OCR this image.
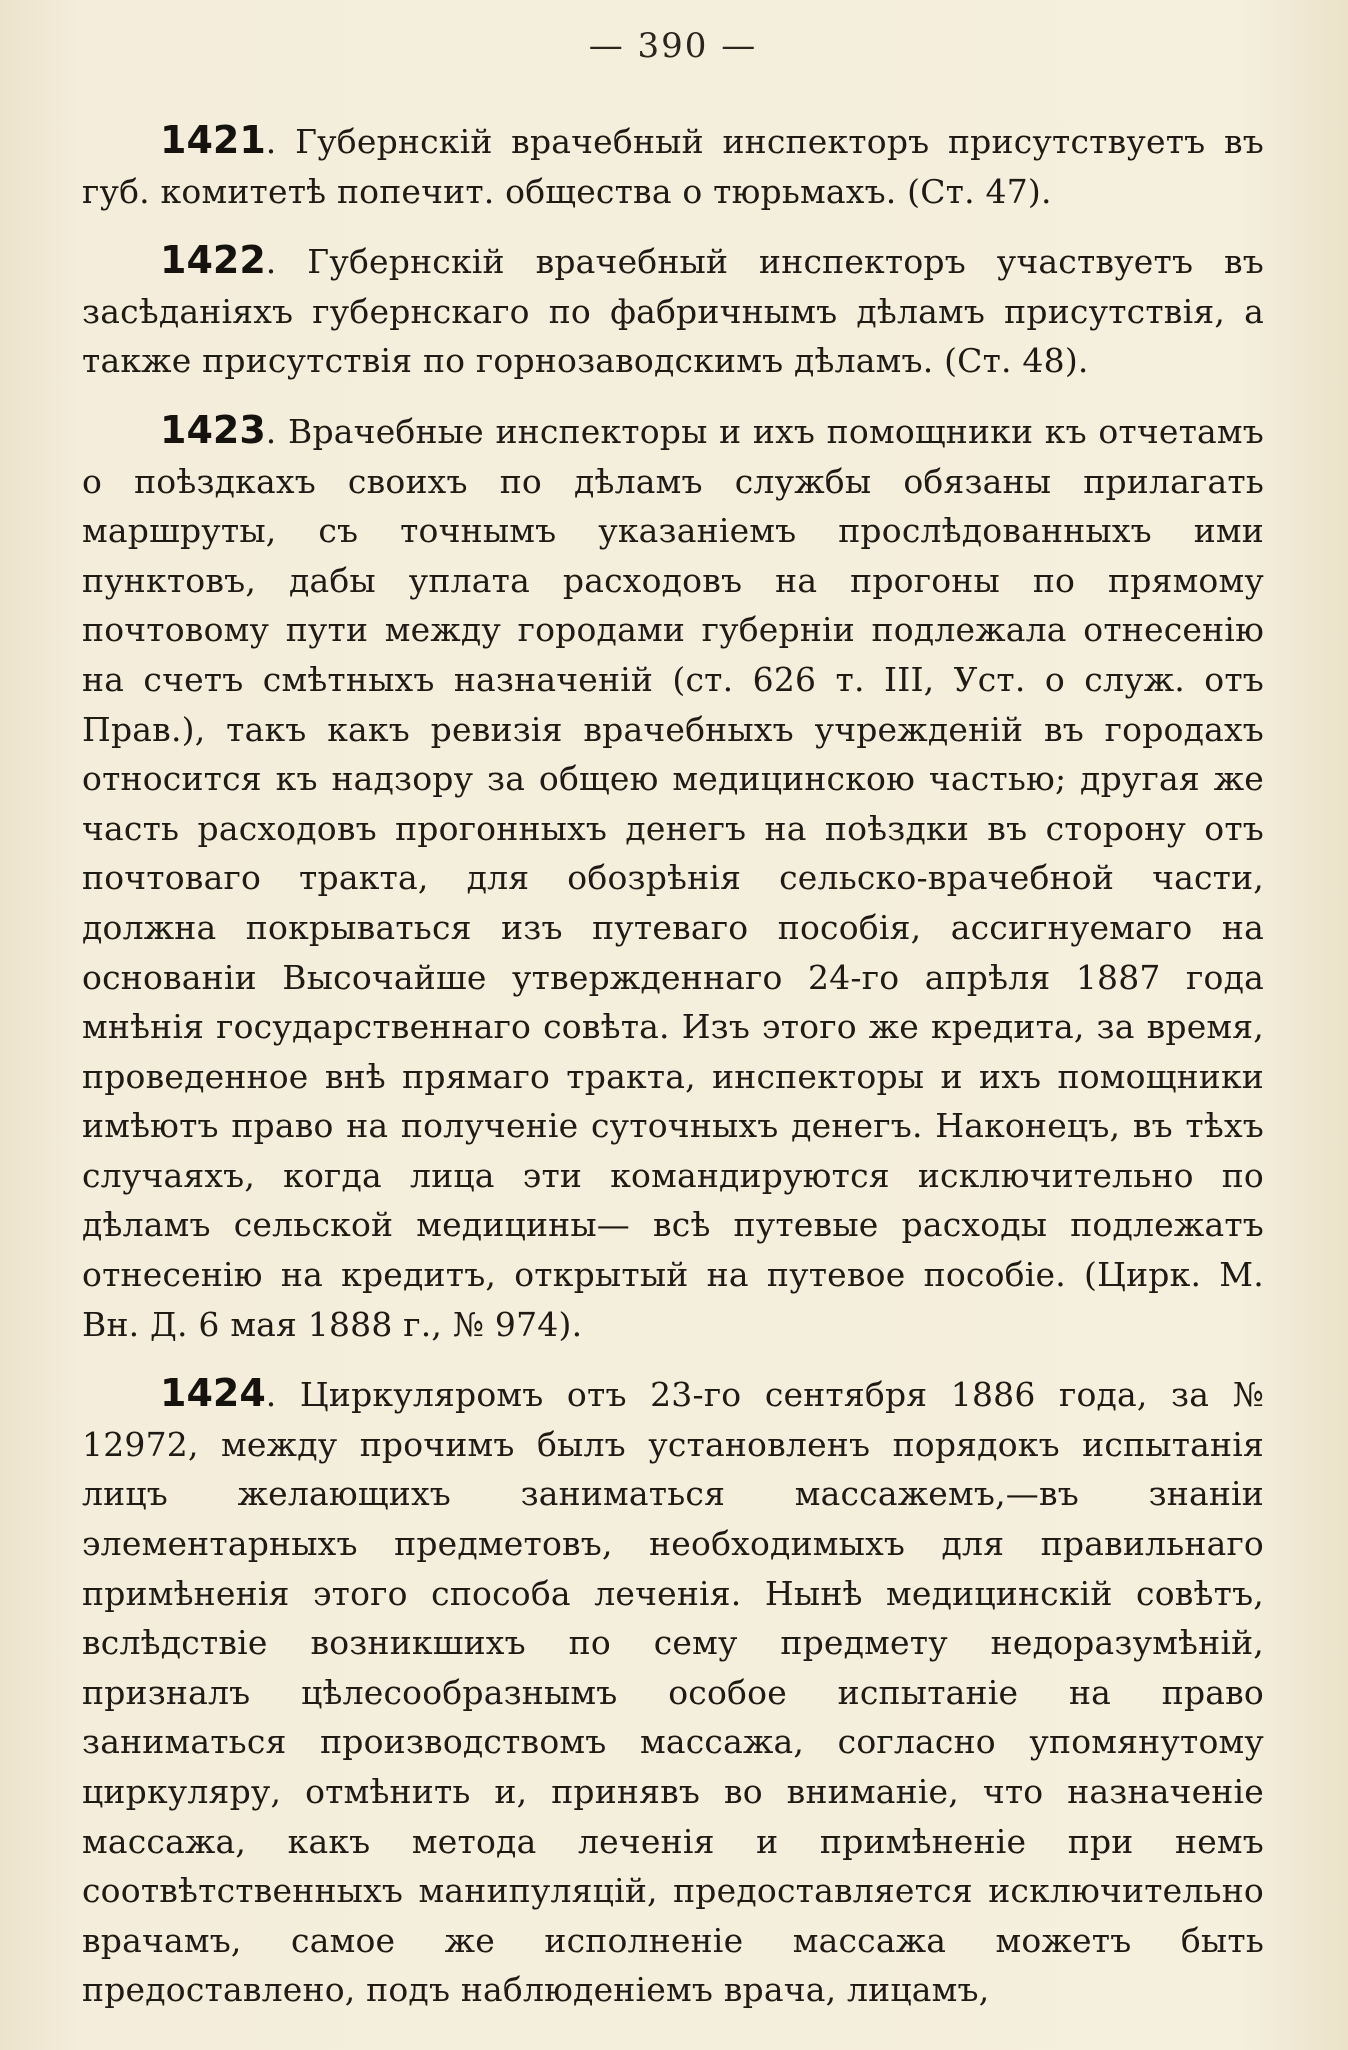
— 390 —

1421. Губернскій врачебный инспекторъ присутствуетъ въ губ. комитетѣ попечит. общества о тюрьмахъ. (Ст. 47).

1422. Губернскій врачебный инспекторъ участвуетъ въ засѣданіяхъ губернскаго по фабричнымъ дѣламъ присутствія, а также присутствія по горнозаводскимъ дѣламъ. (Ст. 48).

1423. Врачебные инспекторы и ихъ помощники къ отчетамъ о поѣздкахъ своихъ по дѣламъ службы обязаны прилагать маршруты, съ точнымъ указаніемъ прослѣдованныхъ ими пунктовъ, дабы уплата расходовъ на прогоны по прямому почтовому пути между городами губерніи подлежала отнесенію на счетъ смѣтныхъ назначеній (ст. 626 т. III, Уст. о служ. отъ Прав.), такъ какъ ревизія врачебныхъ учрежденій въ городахъ относится къ надзору за общею медицинскою частью; другая же часть расходовъ прогонныхъ денегъ на поѣздки въ сторону отъ почтоваго тракта, для обозрѣнія сельско-врачебной части, должна покрываться изъ путеваго пособія, ассигнуемаго на основаніи Высочайше утвержденнаго 24-го апрѣля 1887 года мнѣнія государственнаго совѣта. Изъ этого же кредита, за время, проведенное внѣ прямаго тракта, инспекторы и ихъ помощники имѣютъ право на полученіе суточныхъ денегъ. Наконецъ, въ тѣхъ случаяхъ, когда лица эти командируются исключительно по дѣламъ сельской медицины— всѣ путевые расходы подлежатъ отнесенію на кредитъ, открытый на путевое пособіе. (Цирк. М. Вн. Д. 6 мая 1888 г., № 974).

1424. Циркуляромъ отъ 23-го сентября 1886 года, за № 12972, между прочимъ былъ установленъ порядокъ испытанія лицъ желающихъ заниматься массажемъ,—въ знаніи элементарныхъ предметовъ, необходимыхъ для правильнаго примѣненія этого способа леченія. Нынѣ медицинскій совѣтъ, вслѣдствіе возникшихъ по сему предмету недоразумѣній, призналъ цѣлесообразнымъ особое испытаніе на право заниматься производствомъ массажа, согласно упомянутому циркуляру, отмѣнить и, принявъ во вниманіе, что назначеніе массажа, какъ метода леченія и примѣненіе при немъ соотвѣтственныхъ манипуляцій, предоставляется исключительно врачамъ, самое же исполненіе массажа можетъ быть предоставлено, подъ наблюденіемъ врача, лицамъ,
